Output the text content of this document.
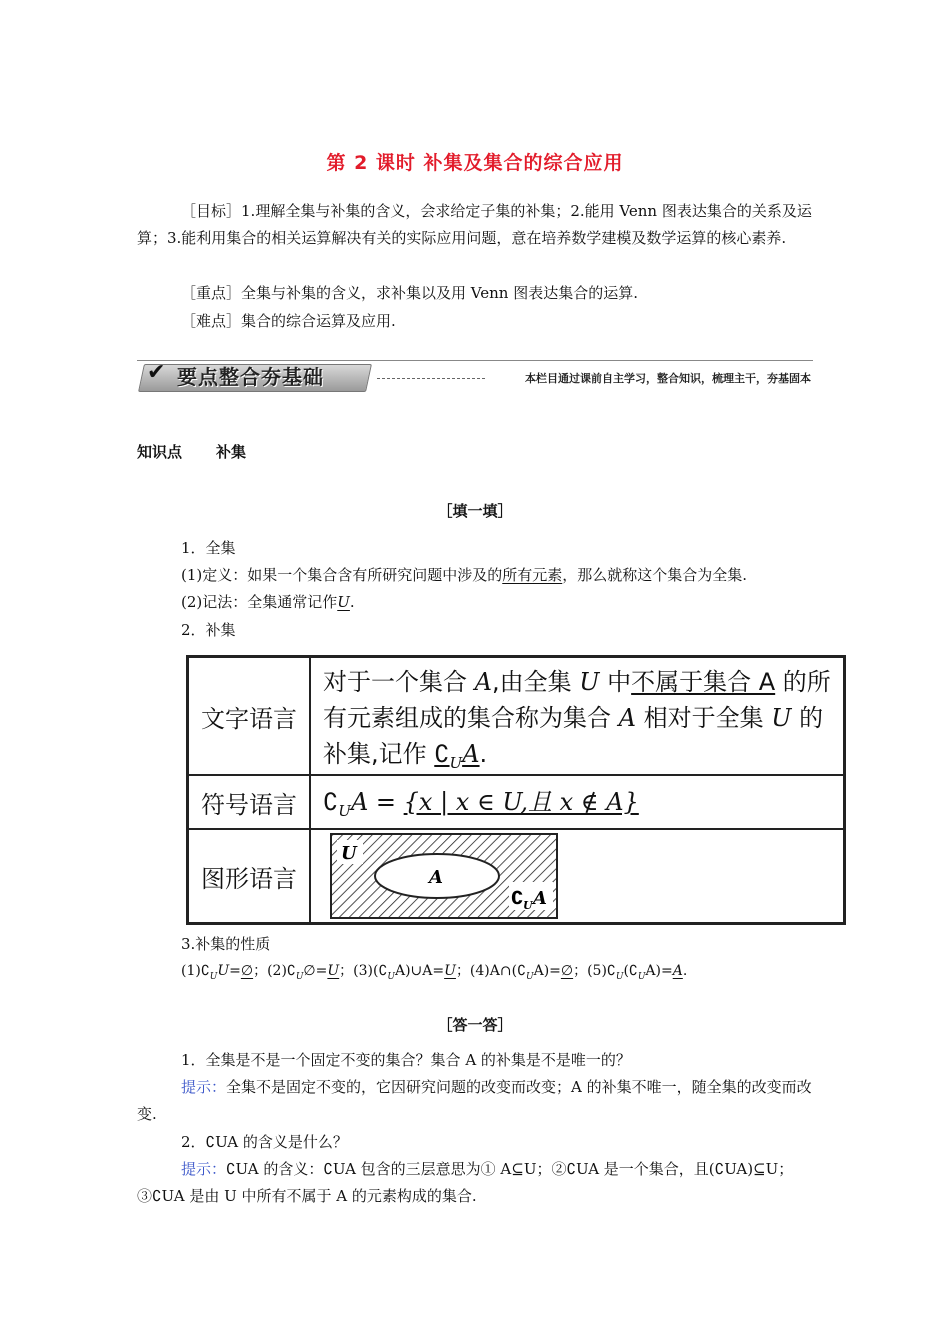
第 2 课时 补集及集合的综合应用
［目标］1.理解全集与补集的含义，会求给定子集的补集；2.能用 Venn 图表达集合的关系及运算；3.能利用集合的相关运算解决有关的实际应用问题，意在培养数学建模及数学运算的核心素养.
［重点］全集与补集的含义，求补集以及用 Venn 图表达集合的运算.
［难点］集合的综合运算及应用.
✔ 要点整合夯基础	本栏目通过课前自主学习，整合知识，梳理主干，夯基固本
知识点 补集
［填一填］
1．全集
(1)定义：如果一个集合含有所研究问题中涉及的所有元素，那么就称这个集合为全集.
(2)记法：全集通常记作U.
2．补集
文字语言
对于一个集合 A,由全集 U 中不属于集合 A 的所有元素组成的集合称为集合 A 相对于全集 U 的补集,记作 $∁_UA$.
符号语言	$∁_UA = \{x$ | x ∈ U,且 x ∉ A}
图形语言
U
A
∁ U A
3.补集的性质
$(1)∁_UU=\emptyset$；$(2)∁_U\emptyset=U$；$(3)(∁_UA)\cup A=U$；$(4)A\cap(∁_UA)=\emptyset$；$(5)∁_U(∁_UA)=A$.
［答一答］
1．全集是不是一个固定不变的集合？集合 A 的补集是不是唯一的？
提示：全集不是固定不变的，它因研究问题的改变而改变；A 的补集不唯一，随全集的改变而改变.
2．∁UA 的含义是什么？
提示：∁UA 的含义：∁UA 包含的三层意思为① A⊆U；②∁UA 是一个集合，且(∁UA)⊆U；③∁UA 是由 U 中所有不属于 A 的元素构成的集合.
